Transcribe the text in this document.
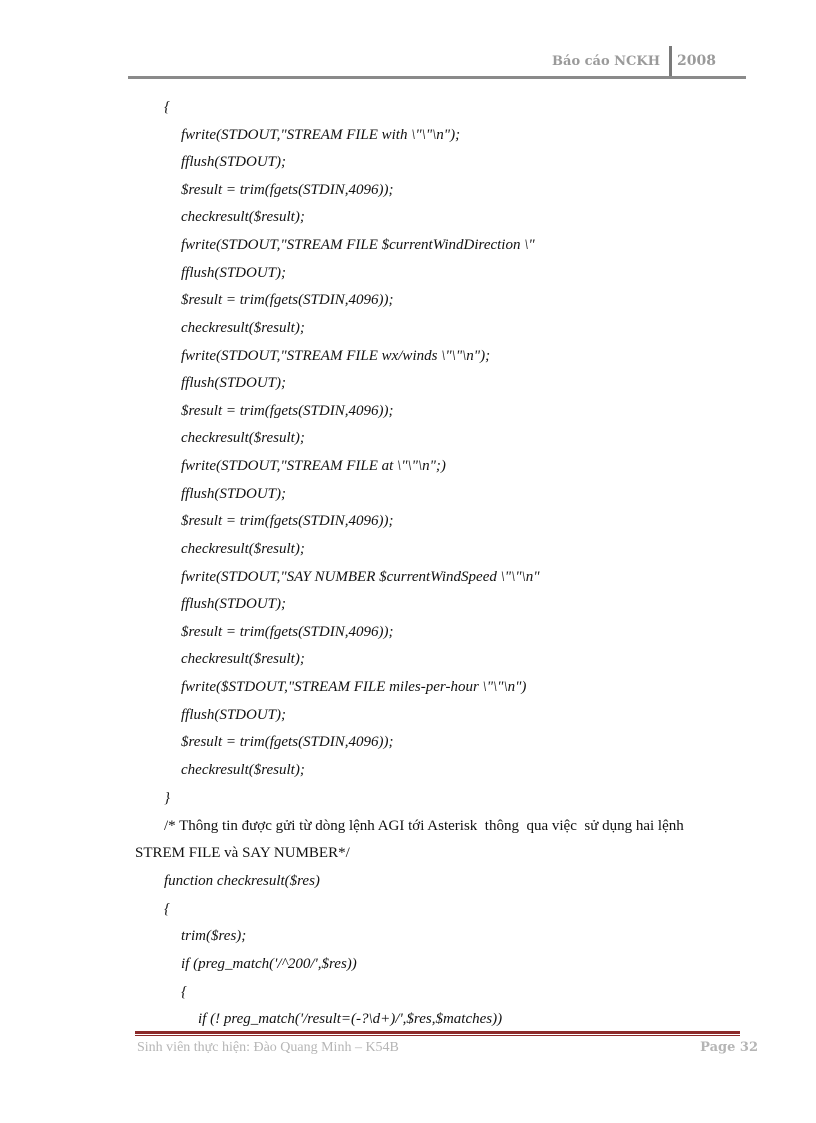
Báo cáo NCKH 2008
{
fwrite(STDOUT,"STREAM FILE with \"\"\n");
fflush(STDOUT);
$result = trim(fgets(STDIN,4096));
checkresult($result);
fwrite(STDOUT,"STREAM FILE $currentWindDirection \"
fflush(STDOUT);
$result = trim(fgets(STDIN,4096));
checkresult($result);
fwrite(STDOUT,"STREAM FILE wx/winds \"\"\n");
fflush(STDOUT);
$result = trim(fgets(STDIN,4096));
checkresult($result);
fwrite(STDOUT,"STREAM FILE at \"\"\n";)
fflush(STDOUT);
$result = trim(fgets(STDIN,4096));
checkresult($result);
fwrite(STDOUT,"SAY NUMBER $currentWindSpeed \"\"\n"
fflush(STDOUT);
$result = trim(fgets(STDIN,4096));
checkresult($result);
fwrite($STDOUT,"STREAM FILE miles-per-hour \"\"\n")
fflush(STDOUT);
$result = trim(fgets(STDIN,4096));
checkresult($result);
}
/* Thông tin được gửi từ dòng lệnh AGI tới Asterisk  thông  qua việc  sử dụng hai lệnh
STREM FILE và SAY NUMBER*/
function checkresult($res)
{
trim($res);
if (preg_match('/^200/',$res))
{
if (! preg_match('/result=(-?\d+)/',$res,$matches))
Sinh viên thực hiện: Đào Quang Minh – K54B	Page 32
